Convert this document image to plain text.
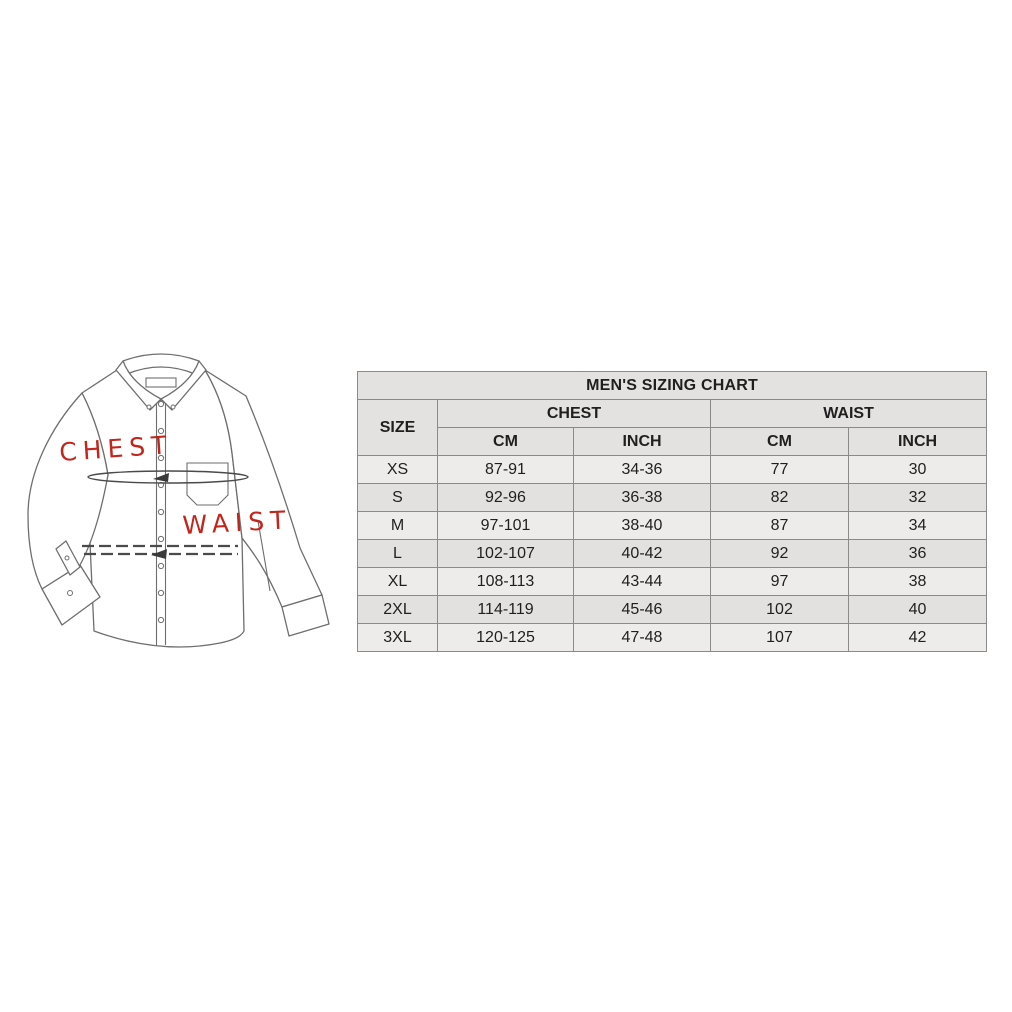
CHEST
WAIST
MEN'S SIZING CHART				
SIZE	CHEST		WAIST	
	CM	INCH	CM	INCH
XS	87-91	34-36	77	30
S	92-96	36-38	82	32
M	97-101	38-40	87	34
L	102-107	40-42	92	36
XL	108-113	43-44	97	38
2XL	114-119	45-46	102	40
3XL	120-125	47-48	107	42
